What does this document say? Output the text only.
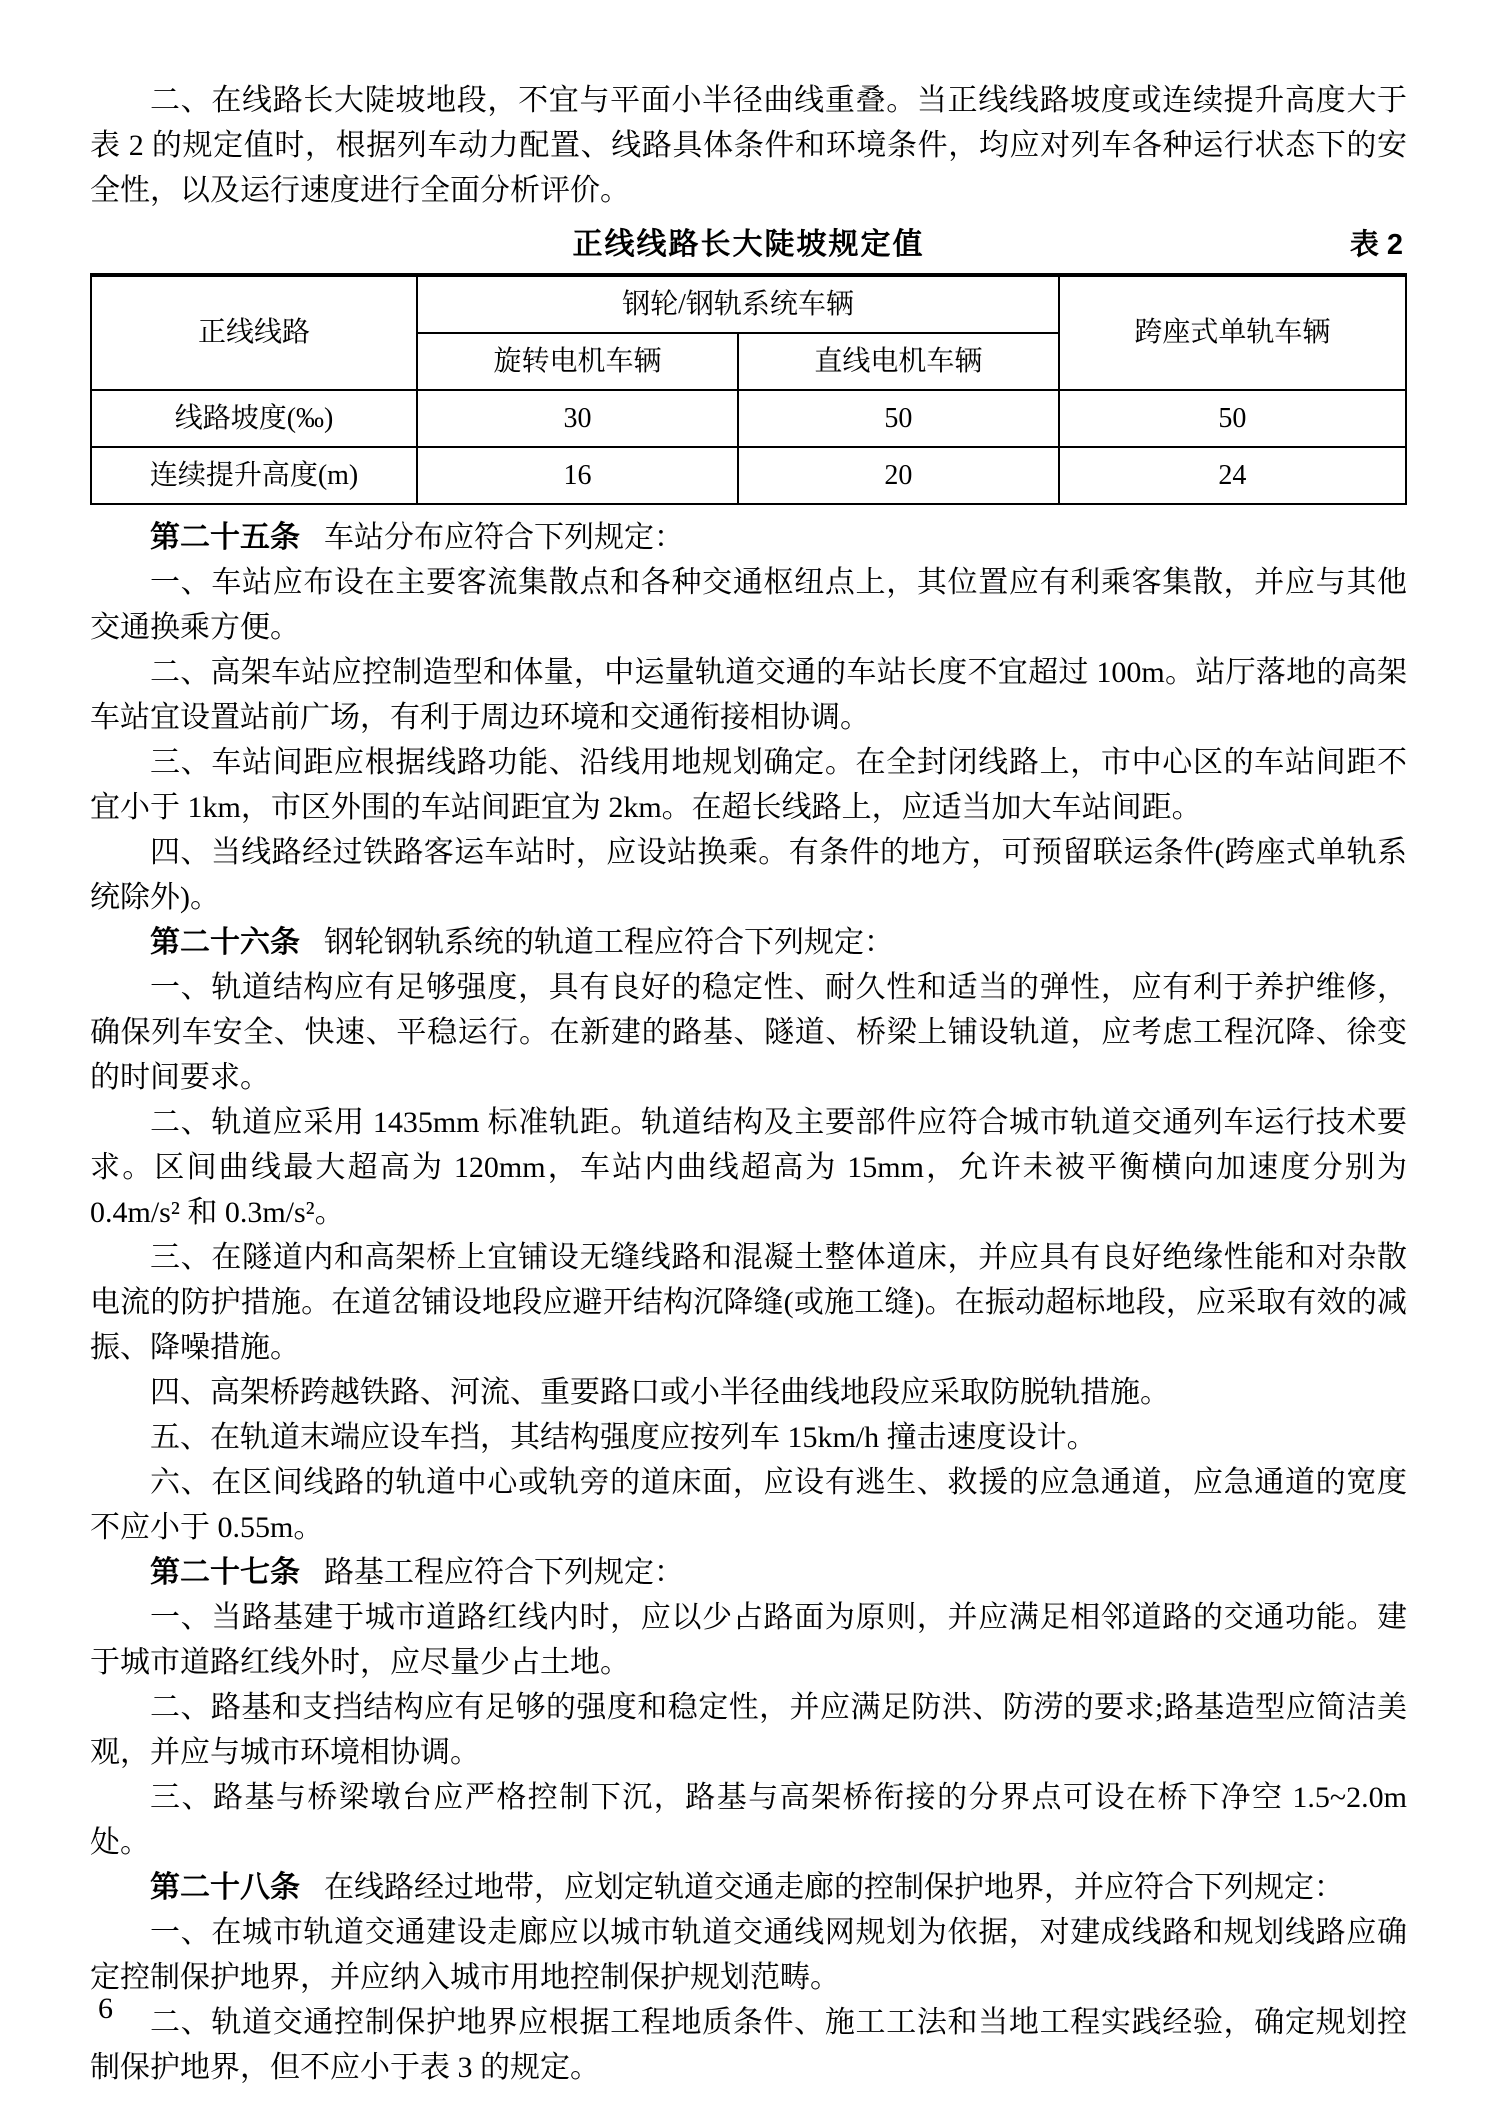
二、在线路长大陡坡地段，不宜与平面小半径曲线重叠。当正线线路坡度或连续提升高度大于表 2 的规定值时，根据列车动力配置、线路具体条件和环境条件，均应对列车各种运行状态下的安全性，以及运行速度进行全面分析评价。

正线线路长大陡坡规定值	表 2
正线线路	钢轮/钢轨系统车辆		跨座式单轨车辆
	旋转电机车辆	直线电机车辆	
线路坡度(‰)	30	50	50
连续提升高度(m)	16	20	24

第二十五条 车站分布应符合下列规定：

一、车站应布设在主要客流集散点和各种交通枢纽点上，其位置应有利乘客集散，并应与其他交通换乘方便。

二、高架车站应控制造型和体量，中运量轨道交通的车站长度不宜超过 100m。站厅落地的高架车站宜设置站前广场，有利于周边环境和交通衔接相协调。

三、车站间距应根据线路功能、沿线用地规划确定。在全封闭线路上，市中心区的车站间距不宜小于 1km，市区外围的车站间距宜为 2km。在超长线路上，应适当加大车站间距。

四、当线路经过铁路客运车站时，应设站换乘。有条件的地方，可预留联运条件(跨座式单轨系统除外)。

第二十六条 钢轮钢轨系统的轨道工程应符合下列规定：

一、轨道结构应有足够强度，具有良好的稳定性、耐久性和适当的弹性，应有利于养护维修，确保列车安全、快速、平稳运行。在新建的路基、隧道、桥梁上铺设轨道，应考虑工程沉降、徐变的时间要求。

二、轨道应采用 1435mm 标准轨距。轨道结构及主要部件应符合城市轨道交通列车运行技术要求。区间曲线最大超高为 120mm，车站内曲线超高为 15mm，允许未被平衡横向加速度分别为 0.4m/s² 和 0.3m/s²。

三、在隧道内和高架桥上宜铺设无缝线路和混凝土整体道床，并应具有良好绝缘性能和对杂散电流的防护措施。在道岔铺设地段应避开结构沉降缝(或施工缝)。在振动超标地段，应采取有效的减振、降噪措施。

四、高架桥跨越铁路、河流、重要路口或小半径曲线地段应采取防脱轨措施。

五、在轨道末端应设车挡，其结构强度应按列车 15km/h 撞击速度设计。

六、在区间线路的轨道中心或轨旁的道床面，应设有逃生、救援的应急通道，应急通道的宽度不应小于 0.55m。

第二十七条 路基工程应符合下列规定：

一、当路基建于城市道路红线内时，应以少占路面为原则，并应满足相邻道路的交通功能。建于城市道路红线外时，应尽量少占土地。

二、路基和支挡结构应有足够的强度和稳定性，并应满足防洪、防涝的要求;路基造型应简洁美观，并应与城市环境相协调。

三、路基与桥梁墩台应严格控制下沉，路基与高架桥衔接的分界点可设在桥下净空 1.5~2.0m 处。

第二十八条 在线路经过地带，应划定轨道交通走廊的控制保护地界，并应符合下列规定：

一、在城市轨道交通建设走廊应以城市轨道交通线网规划为依据，对建成线路和规划线路应确定控制保护地界，并应纳入城市用地控制保护规划范畴。

二、轨道交通控制保护地界应根据工程地质条件、施工工法和当地工程实践经验，确定规划控制保护地界，但不应小于表 3 的规定。

6
